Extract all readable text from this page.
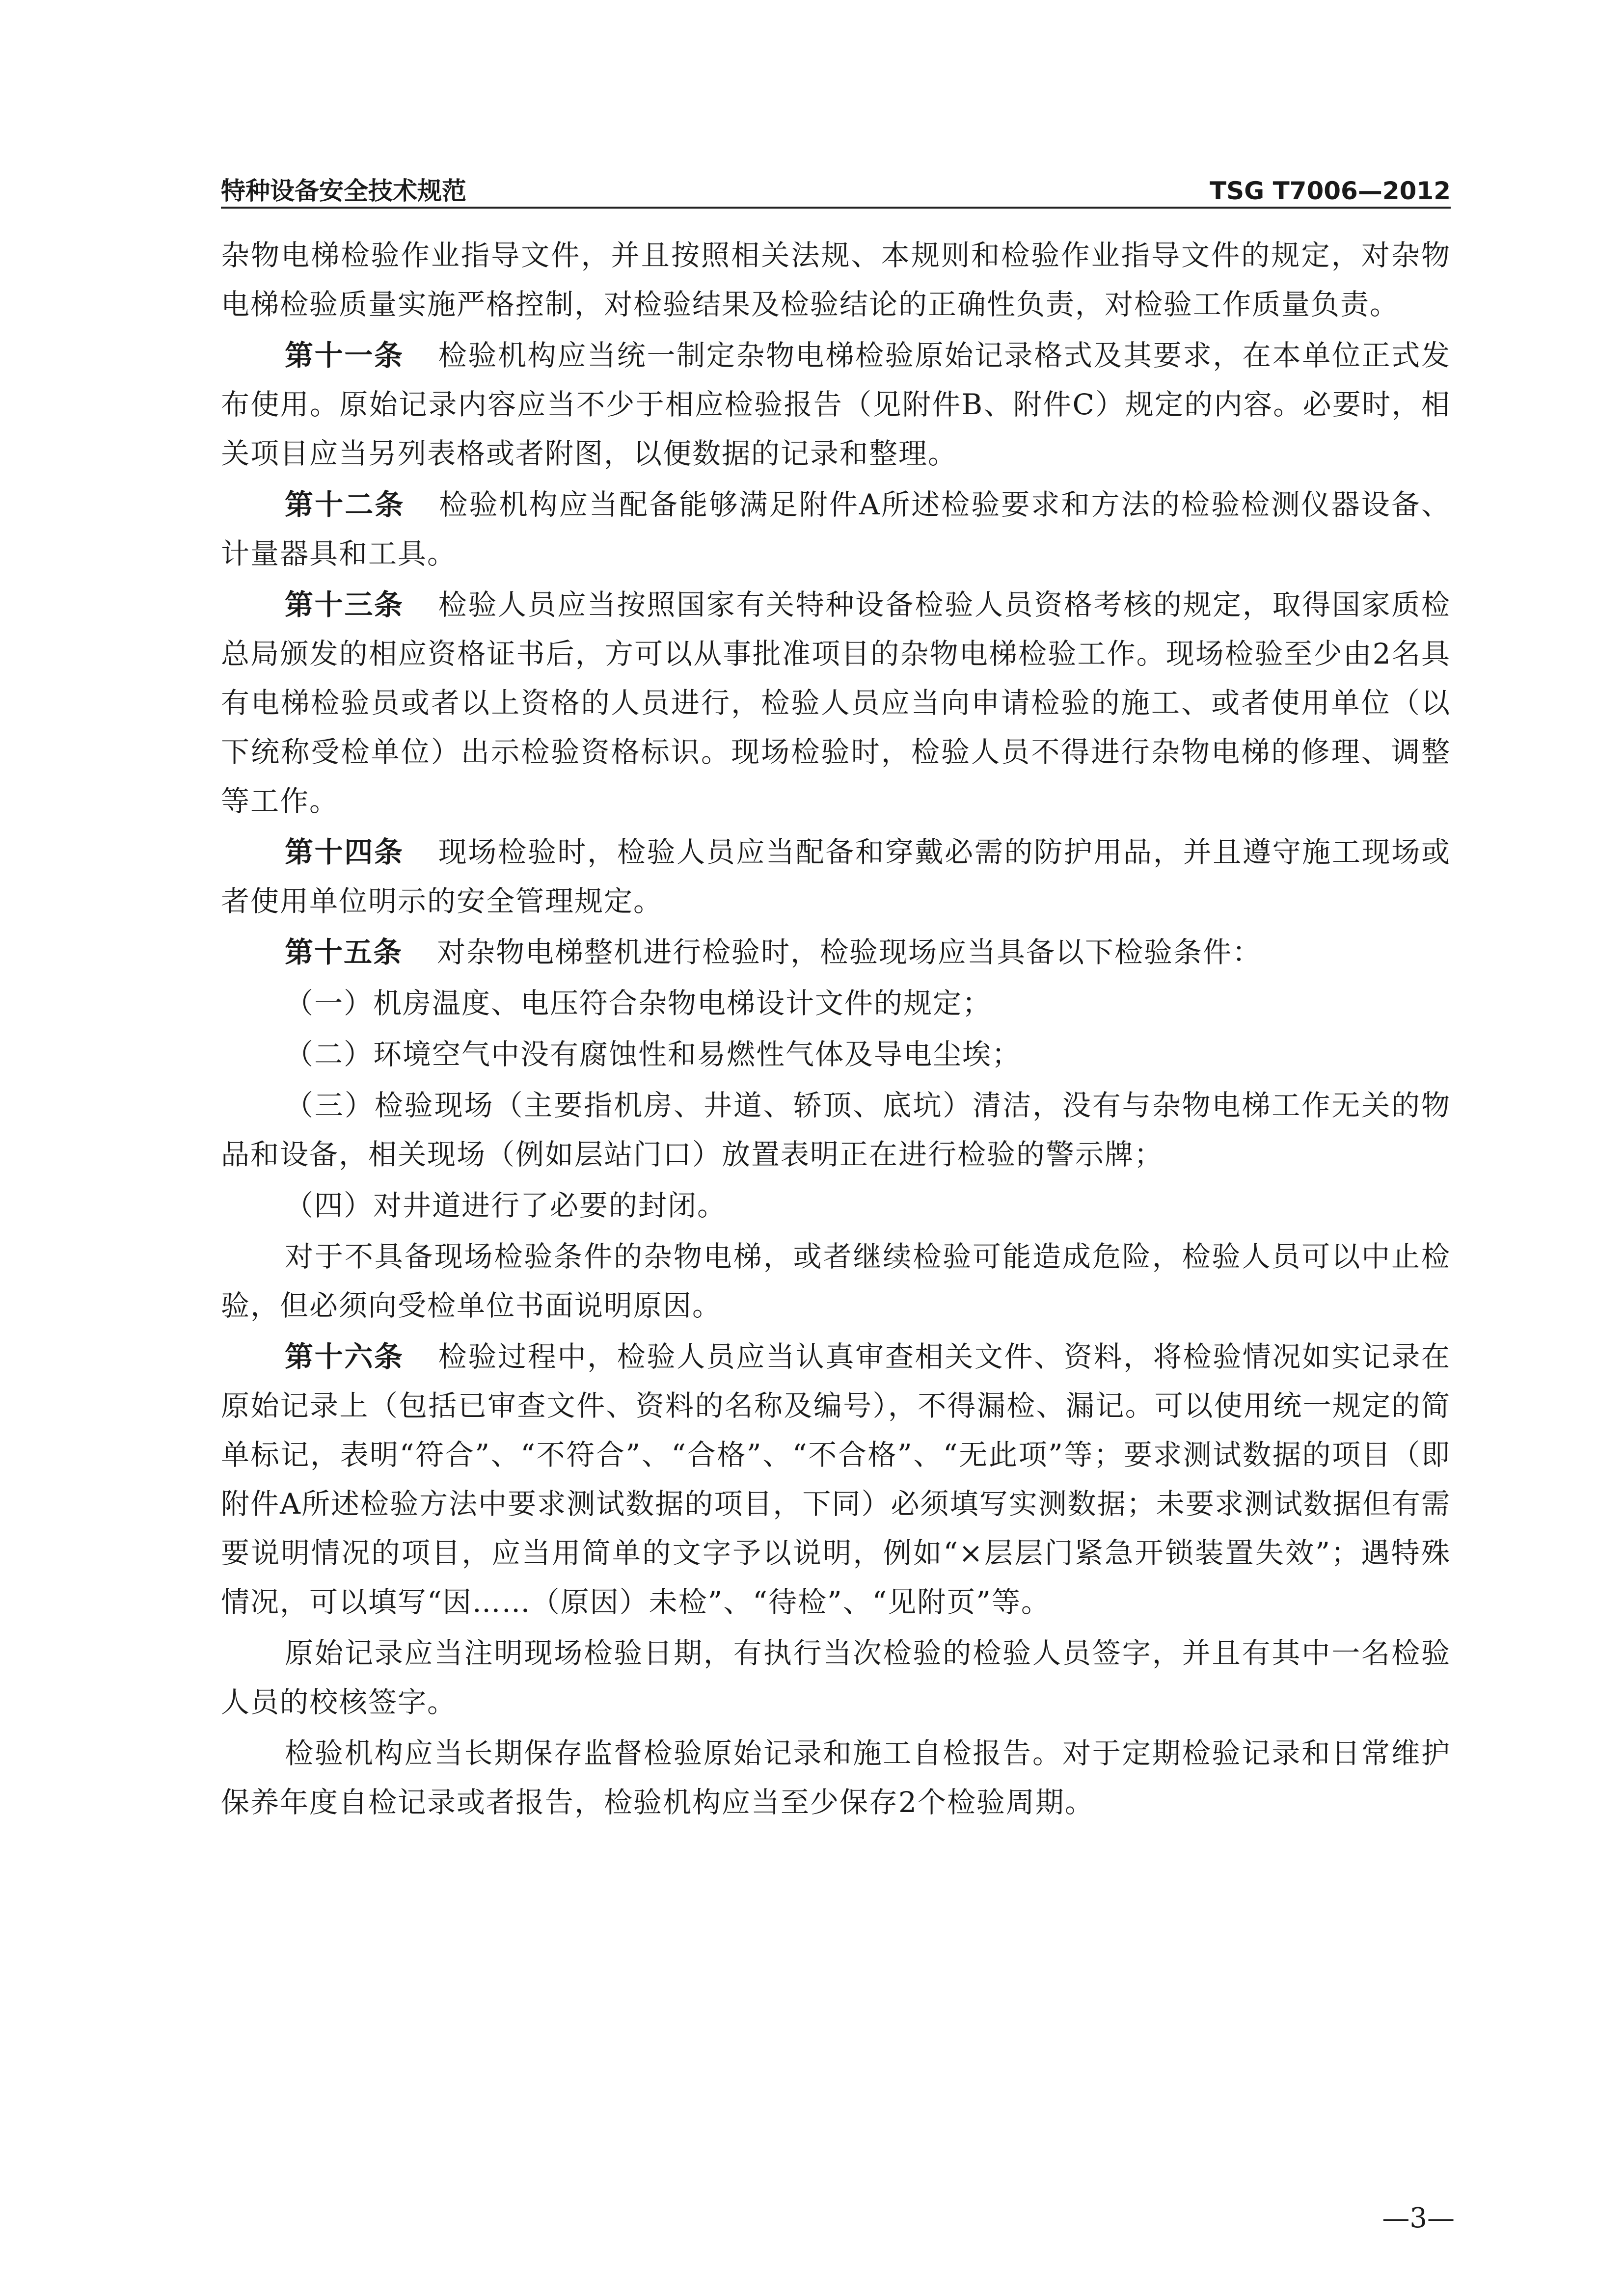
特种设备安全技术规范	TSG T7006—2012

杂物电梯检验作业指导文件，并且按照相关法规、本规则和检验作业指导文件的规定，对杂物电梯检验质量实施严格控制，对检验结果及检验结论的正确性负责，对检验工作质量负责。

第十一条 检验机构应当统一制定杂物电梯检验原始记录格式及其要求，在本单位正式发布使用。原始记录内容应当不少于相应检验报告（见附件B、附件C）规定的内容。必要时，相关项目应当另列表格或者附图，以便数据的记录和整理。

第十二条 检验机构应当配备能够满足附件A所述检验要求和方法的检验检测仪器设备、计量器具和工具。

第十三条 检验人员应当按照国家有关特种设备检验人员资格考核的规定，取得国家质检总局颁发的相应资格证书后，方可以从事批准项目的杂物电梯检验工作。现场检验至少由2名具有电梯检验员或者以上资格的人员进行，检验人员应当向申请检验的施工、或者使用单位（以下统称受检单位）出示检验资格标识。现场检验时，检验人员不得进行杂物电梯的修理、调整等工作。

第十四条 现场检验时，检验人员应当配备和穿戴必需的防护用品，并且遵守施工现场或者使用单位明示的安全管理规定。

第十五条 对杂物电梯整机进行检验时，检验现场应当具备以下检验条件：

（一）机房温度、电压符合杂物电梯设计文件的规定；

（二）环境空气中没有腐蚀性和易燃性气体及导电尘埃；

（三）检验现场（主要指机房、井道、轿顶、底坑）清洁，没有与杂物电梯工作无关的物品和设备，相关现场（例如层站门口）放置表明正在进行检验的警示牌；

（四）对井道进行了必要的封闭。

对于不具备现场检验条件的杂物电梯，或者继续检验可能造成危险，检验人员可以中止检验，但必须向受检单位书面说明原因。

第十六条 检验过程中，检验人员应当认真审查相关文件、资料，将检验情况如实记录在原始记录上（包括已审查文件、资料的名称及编号），不得漏检、漏记。可以使用统一规定的简单标记，表明“符合”、“不符合”、“合格”、“不合格”、“无此项”等；要求测试数据的项目（即附件A所述检验方法中要求测试数据的项目，下同）必须填写实测数据；未要求测试数据但有需要说明情况的项目，应当用简单的文字予以说明，例如“×层层门紧急开锁装置失效”；遇特殊情况，可以填写“因……（原因）未检”、“待检”、“见附页”等。

原始记录应当注明现场检验日期，有执行当次检验的检验人员签字，并且有其中一名检验人员的校核签字。

检验机构应当长期保存监督检验原始记录和施工自检报告。对于定期检验记录和日常维护保养年度自检记录或者报告，检验机构应当至少保存2个检验周期。

—3—
